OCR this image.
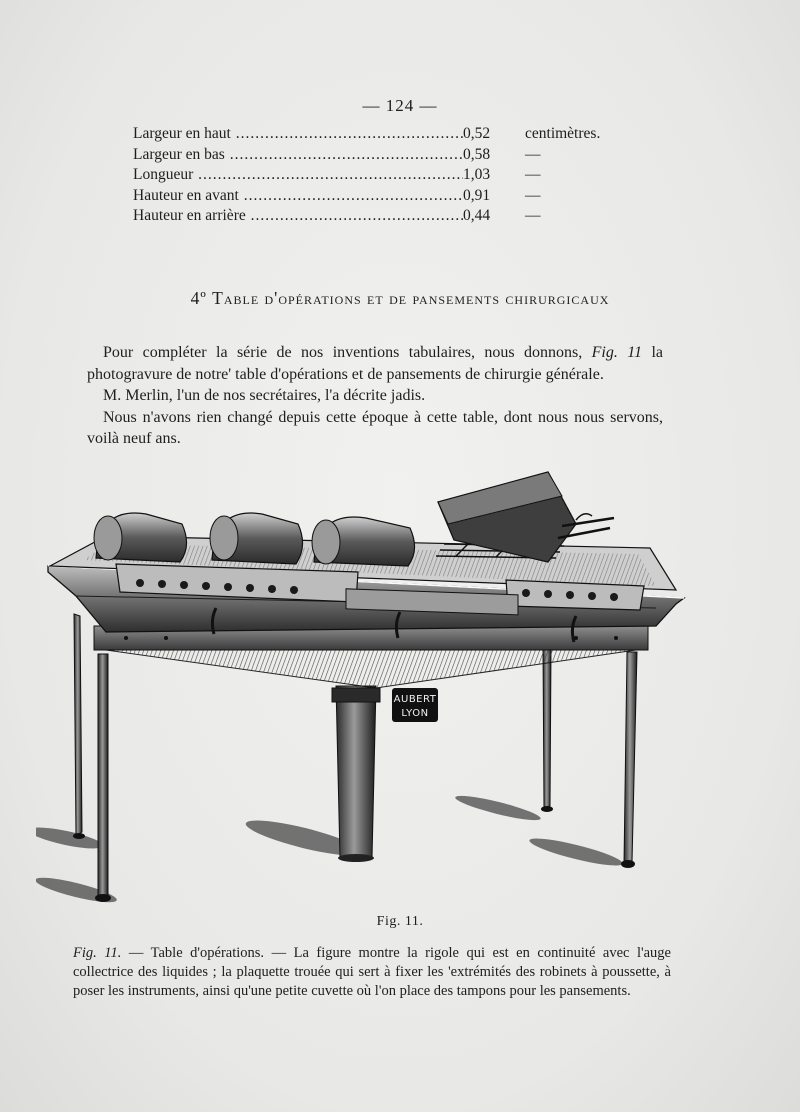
— 124 —
Largeur en haut .....	0,52	centimètres.
Largeur en bas .....	0,58	—
Longueur .....	1,03	—
Hauteur en avant .....	0,91	—
Hauteur en arrière .....	0,44	—
4º Table d'opérations et de pansements chirurgicaux

 Pour compléter la série de nos inventions tabulaires, nous donnons, Fig. 11 la photogravure de notre' table d'opérations et de pansements de chirurgie générale.

 M. Merlin, l'un de nos secrétaires, l'a décrite jadis.

 Nous n'avons rien changé depuis cette époque à cette table, dont nous nous servons, voilà neuf ans.

AUBERT
LYON
Fig. 11.
Fig. 11. — Table d'opérations. — La figure montre la rigole qui est en continuité avec l'auge collectrice des liquides ; la plaquette trouée qui sert à fixer les 'extrémités des robinets à poussette, à poser les instruments, ainsi qu'une petite cuvette où l'on place des tampons pour les pansements.
